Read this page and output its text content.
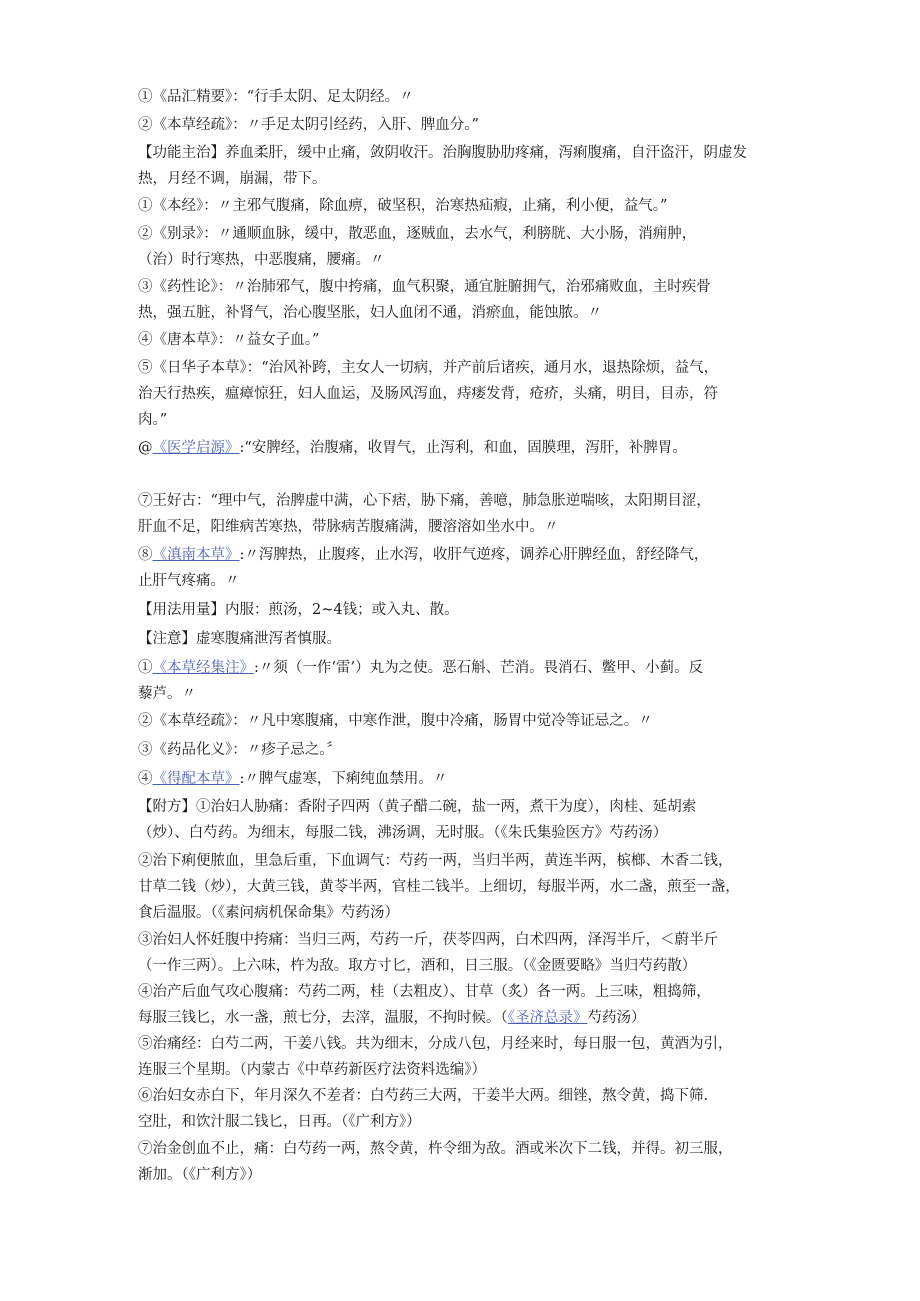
①《品汇精要》：“行手太阴、足太阴经。〃
②《本草经疏》：〃手足太阴引经药，入肝、脾血分。”
【功能主治】养血柔肝，缓中止痛，敛阴收汗。治胸腹胁肋疼痛，泻痢腹痛，自汗盗汗，阴虚发
热，月经不调，崩漏，带下。
①《本经》：〃主邪气腹痛，除血痹，破坚积，治寒热疝瘕，止痛，利小便，益气。”
②《别录》：〃通顺血脉，缓中，散恶血，逐贼血，去水气，利膀胱、大小肠，消痈肿，
（治）时行寒热，中恶腹痛，腰痛。〃
③《药性论》：〃治肺邪气，腹中挎痛，血气积聚，通宜脏腑拥气，治邪痛败血，主时疾骨
热，强五脏，补肾气，治心腹坚胀，妇人血闭不通，消瘀血，能蚀脓。〃
④《唐本草》：〃益女子血。”
⑤《日华子本草》：“治风补跨，主女人一切病，并产前后诸疾，通月水，退热除烦，益气，
治天行热疾，瘟瘴惊狂，妇人血运，及肠风泻血，痔瘘发背，疮疥，头痛，明目，目赤，符
肉。”
@《医学启源》:“安脾经，治腹痛，收胃气，止泻利，和血，固膜理，泻肝，补脾胃。
⑦王好古：“理中气，治脾虚中满，心下痞，胁下痛，善噫，肺急胀逆喘咳，太阳期目涩，
肝血不足，阳维病苦寒热，带脉病苦腹痛满，腰溶溶如坐水中。〃
⑧《滇南本草》:〃泻脾热，止腹疼，止水泻，收肝气逆疼，调养心肝脾经血，舒经降气，
止肝气疼痛。〃
【用法用量】内服：煎汤，2~4钱；或入丸、散。
【注意】虚寒腹痛泄泻者慎服。
①《本草经集注》:〃须（一作‘雷’）丸为之使。恶石斛、芒消。畏消石、鳖甲、小蓟。反
藜芦。〃
②《本草经疏》：〃凡中寒腹痛，中寒作泄，腹中冷痛，肠胃中觉冷等证忌之。〃
③《药品化义》：〃疹子忌之。〞
④《得配本草》:〃脾气虚寒，下痢纯血禁用。〃
【附方】①治妇人胁痛：香附子四两（黄子醋二碗，盐一两，煮干为度），肉桂、延胡索
（炒）、白芍药。为细末，每服二钱，沸汤调，无时服。（《朱氏集验医方》芍药汤）
②治下痢便脓血，里急后重，下血调气：芍药一两，当归半两，黄连半两，槟榔、木香二钱，
甘草二钱（炒），大黄三钱，黄苓半两，官桂二钱半。上细切，每服半两，水二盏，煎至一盏，
食后温服。（《素问病机保命集》芍药汤）
③治妇人怀妊腹中挎痛：当归三两，芍药一斤，茯苓四两，白术四两，泽泻半斤，＜蔚半斤
（一作三两）。上六味，杵为敌。取方寸匕，酒和，日三服。（《金匮要略》当归芍药散）
④治产后血气攻心腹痛：芍药二两，桂（去粗皮）、甘草（炙）各一两。上三味，粗捣筛，
每服三钱匕，水一盏，煎七分，去滓，温服，不拘时候。（《圣济总录》芍药汤）
⑤治痛经：白芍二两，干姜八钱。共为细末，分成八包，月经来时，每日服一包，黄酒为引，
连服三个星期。（内蒙古《中草药新医疗法资料选编》）
⑥治妇女赤白下，年月深久不差者：白芍药三大两，干姜半大两。细锉，熬令黄，捣下筛.
空肚，和饮汁服二钱匕，日再。（《广利方》）
⑦治金创血不止，痛：白芍药一两，熬令黄，杵令细为敌。酒或米次下二钱，并得。初三服，
渐加。（《广利方》）
